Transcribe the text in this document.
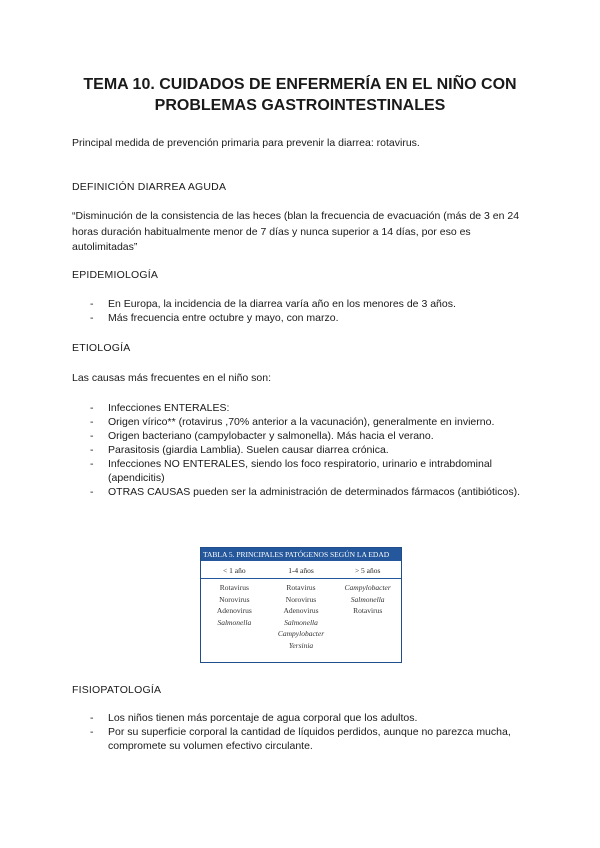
TEMA 10. CUIDADOS DE ENFERMERÍA EN EL NIÑO CON
PROBLEMAS GASTROINTESTINALES

Principal medida de prevención primaria para prevenir la diarrea: rotavirus.

DEFINICIÓN DIARREA AGUDA

“Disminución de la consistencia de las heces (blan la frecuencia de evacuación (más de 3 en 24 horas duración habitualmente menor de 7 días y nunca superior a 14 días, por eso es autolimitadas”

EPIDEMIOLOGÍA

- En Europa, la incidencia de la diarrea varía año en los menores de 3 años.
- Más frecuencia entre octubre y mayo, con marzo.

ETIOLOGÍA

Las causas más frecuentes en el niño son:

- Infecciones ENTERALES:
- Origen vírico** (rotavirus ,70% anterior a la vacunación), generalmente en invierno.
- Origen bacteriano (campylobacter y salmonella). Más hacia el verano.
- Parasitosis (giardia Lamblia). Suelen causar diarrea crónica.
- Infecciones NO ENTERALES, siendo los foco respiratorio, urinario e intrabdominal (apendicitis)
- OTRAS CAUSAS pueden ser la administración de determinados fármacos (antibióticos).
TABLA 5. PRINCIPALES PATÓGENOS SEGÚN LA EDAD
< 1 año	1-4 años	> 5 años
Rotavirus
Norovirus
Adenovirus
Salmonella
Rotavirus
Norovirus
Adenovirus
Salmonella
Campylobacter
Yersinia
Campylobacter
Salmonella
Rotavirus

FISIOPATOLOGÍA

- Los niños tienen más porcentaje de agua corporal que los adultos.
- Por su superficie corporal la cantidad de líquidos perdidos, aunque no parezca mucha, compromete su volumen efectivo circulante.
